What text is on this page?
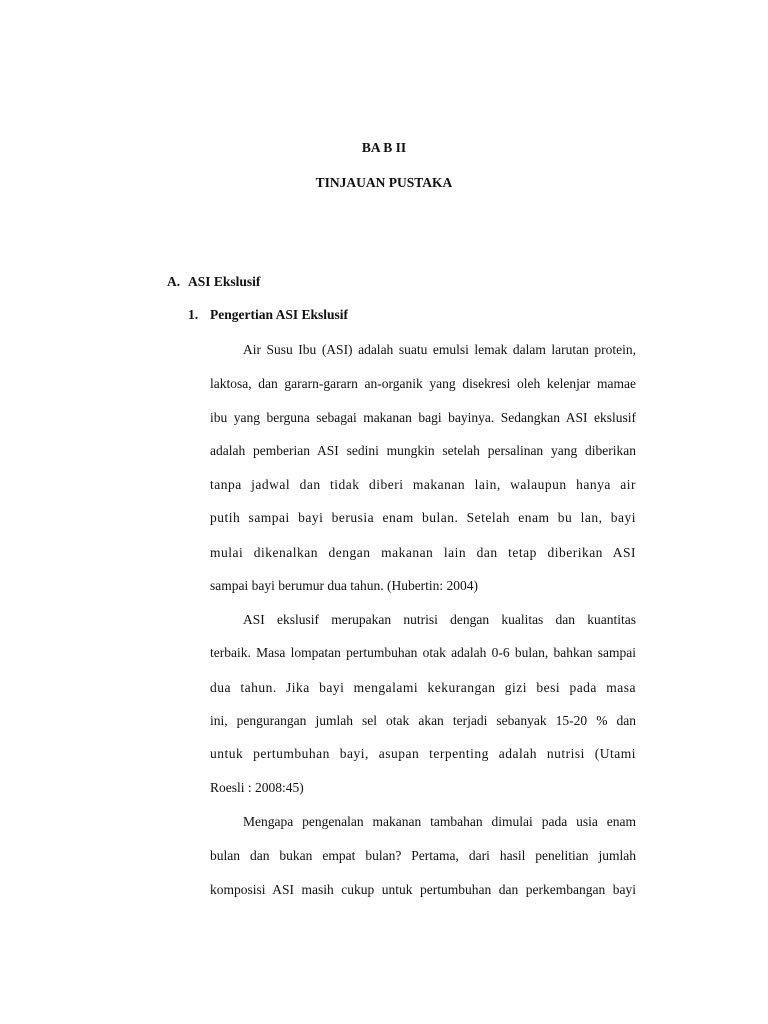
BA B II
TINJAUAN PUSTAKA
A. ASI Ekslusif
1. Pengertian ASI Ekslusif
Air Susu Ibu (ASI) adalah suatu emulsi lemak dalam larutan protein,
laktosa, dan gararn-gararn an-organik yang disekresi oleh kelenjar mamae
ibu yang berguna sebagai makanan bagi bayinya. Sedangkan ASI ekslusif
adalah pemberian ASI sedini mungkin setelah persalinan yang diberikan
tanpa jadwal dan tidak diberi makanan lain, walaupun hanya air
putih sampai bayi berusia enam bulan. Setelah enam bu lan, bayi
mulai dikenalkan dengan makanan lain dan tetap diberikan ASI
sampai bayi berumur dua tahun. (Hubertin: 2004)
ASI ekslusif merupakan nutrisi dengan kualitas dan kuantitas
terbaik. Masa lompatan pertumbuhan otak adalah 0-6 bulan, bahkan sampai
dua tahun. Jika bayi mengalami kekurangan gizi besi pada masa
ini, pengurangan jumlah sel otak akan terjadi sebanyak 15-20 % dan
untuk pertumbuhan bayi, asupan terpenting adalah nutrisi (Utami
Roesli : 2008:45)
Mengapa pengenalan makanan tambahan dimulai pada usia enam
bulan dan bukan empat bulan? Pertama, dari hasil penelitian jumlah
komposisi ASI masih cukup untuk pertumbuhan dan perkembangan bayi
